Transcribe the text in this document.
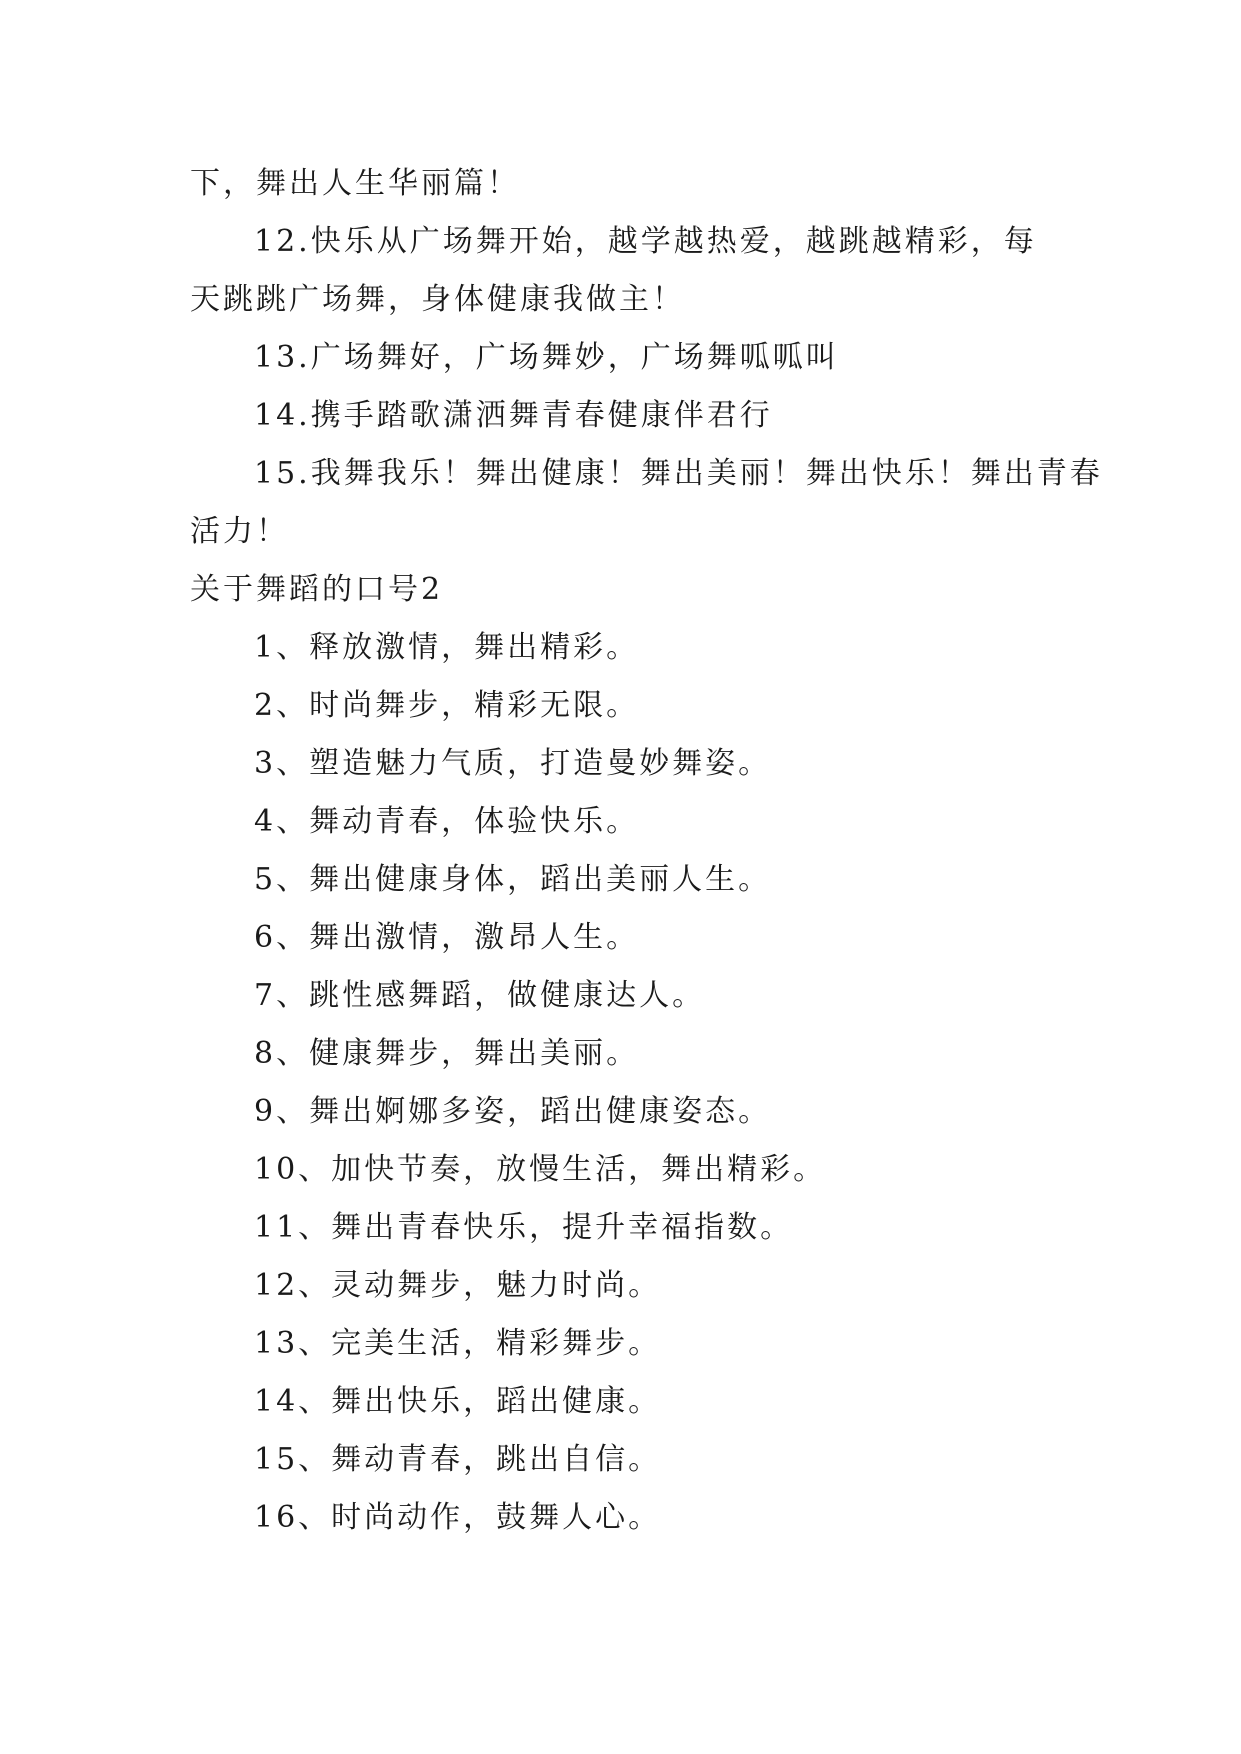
下，舞出人生华丽篇！
12.快乐从广场舞开始，越学越热爱，越跳越精彩，每
天跳跳广场舞，身体健康我做主！
13.广场舞好，广场舞妙，广场舞呱呱叫
14.携手踏歌潇洒舞青春健康伴君行
15.我舞我乐！舞出健康！舞出美丽！舞出快乐！舞出青春
活力！
关于舞蹈的口号2
1、释放激情，舞出精彩。
2、时尚舞步，精彩无限。
3、塑造魅力气质，打造曼妙舞姿。
4、舞动青春，体验快乐。
5、舞出健康身体，蹈出美丽人生。
6、舞出激情，激昂人生。
7、跳性感舞蹈，做健康达人。
8、健康舞步，舞出美丽。
9、舞出婀娜多姿，蹈出健康姿态。
10、加快节奏，放慢生活，舞出精彩。
11、舞出青春快乐，提升幸福指数。
12、灵动舞步，魅力时尚。
13、完美生活，精彩舞步。
14、舞出快乐，蹈出健康。
15、舞动青春，跳出自信。
16、时尚动作，鼓舞人心。
